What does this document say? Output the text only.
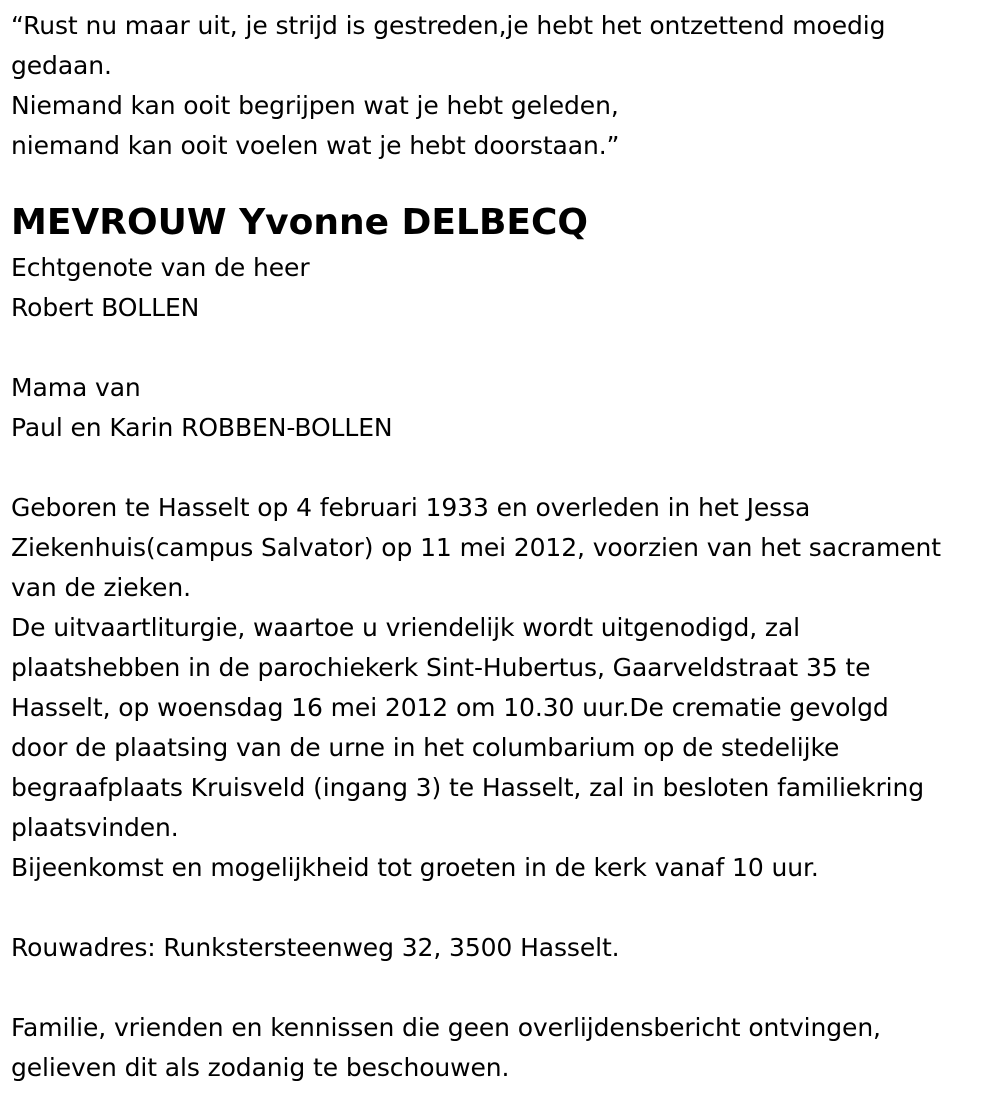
“Rust nu maar uit, je strijd is gestreden,je hebt het ontzettend moedig
gedaan.
Niemand kan ooit begrijpen wat je hebt geleden,
niemand kan ooit voelen wat je hebt doorstaan.”
MEVROUW Yvonne DELBECQ
Echtgenote van de heer
Robert BOLLEN
Mama van
Paul en Karin ROBBEN-BOLLEN
Geboren te Hasselt op 4 februari 1933 en overleden in het Jessa
Ziekenhuis(campus Salvator) op 11 mei 2012, voorzien van het sacrament
van de zieken.
De uitvaartliturgie, waartoe u vriendelijk wordt uitgenodigd, zal
plaatshebben in de parochiekerk Sint-Hubertus, Gaarveldstraat 35 te
Hasselt, op woensdag 16 mei 2012 om 10.30 uur.De crematie gevolgd
door de plaatsing van de urne in het columbarium op de stedelijke
begraafplaats Kruisveld (ingang 3) te Hasselt, zal in besloten familiekring
plaatsvinden.
Bijeenkomst en mogelijkheid tot groeten in de kerk vanaf 10 uur.
Rouwadres: Runkstersteenweg 32, 3500 Hasselt.
Familie, vrienden en kennissen die geen overlijdensbericht ontvingen,
gelieven dit als zodanig te beschouwen.
